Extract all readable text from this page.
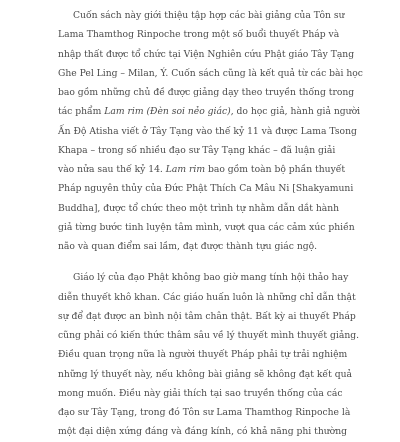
Cuốn sách này giới thiệu tập hợp các bài giảng của Tôn sư
Lama Thamthog Rinpoche trong một số buổi thuyết Pháp và
nhập thất được tổ chức tại Viện Nghiên cứu Phật giáo Tây Tạng
Ghe Pel Ling – Milan, Ý. Cuốn sách cũng là kết quả từ các bài học
bao gồm những chủ đề được giảng dạy theo truyền thống trong
tác phẩm Lam rim (Đèn soi nẻo giác), do học giả, hành giả người
Ấn Độ Atisha viết ở Tây Tạng vào thế kỷ 11 và được Lama Tsong
Khapa – trong số nhiều đạo sư Tây Tạng khác – đã luận giải
vào nửa sau thế kỷ 14. Lam rim bao gồm toàn bộ phần thuyết
Pháp nguyên thủy của Đức Phật Thích Ca Mâu Ni [Shakyamuni
Buddha], được tổ chức theo một trình tự nhằm dẫn dắt hành
giả từng bước tinh luyện tâm mình, vượt qua các cảm xúc phiền
não và quan điểm sai lầm, đạt được thành tựu giác ngộ.
Giáo lý của đạo Phật không bao giờ mang tính hội thảo hay
diễn thuyết khô khan. Các giáo huấn luôn là những chỉ dẫn thật
sự để đạt được an bình nội tâm chân thật. Bất kỳ ai thuyết Pháp
cũng phải có kiến thức thâm sâu về lý thuyết mình thuyết giảng.
Điều quan trọng nữa là người thuyết Pháp phải tự trải nghiệm
những lý thuyết này, nếu không bài giảng sẽ không đạt kết quả
mong muốn. Điều này giải thích tại sao truyền thống của các
đạo sư Tây Tạng, trong đó Tôn sư Lama Thamthog Rinpoche là
một đại diện xứng đáng và đáng kính, có khả năng phi thường
